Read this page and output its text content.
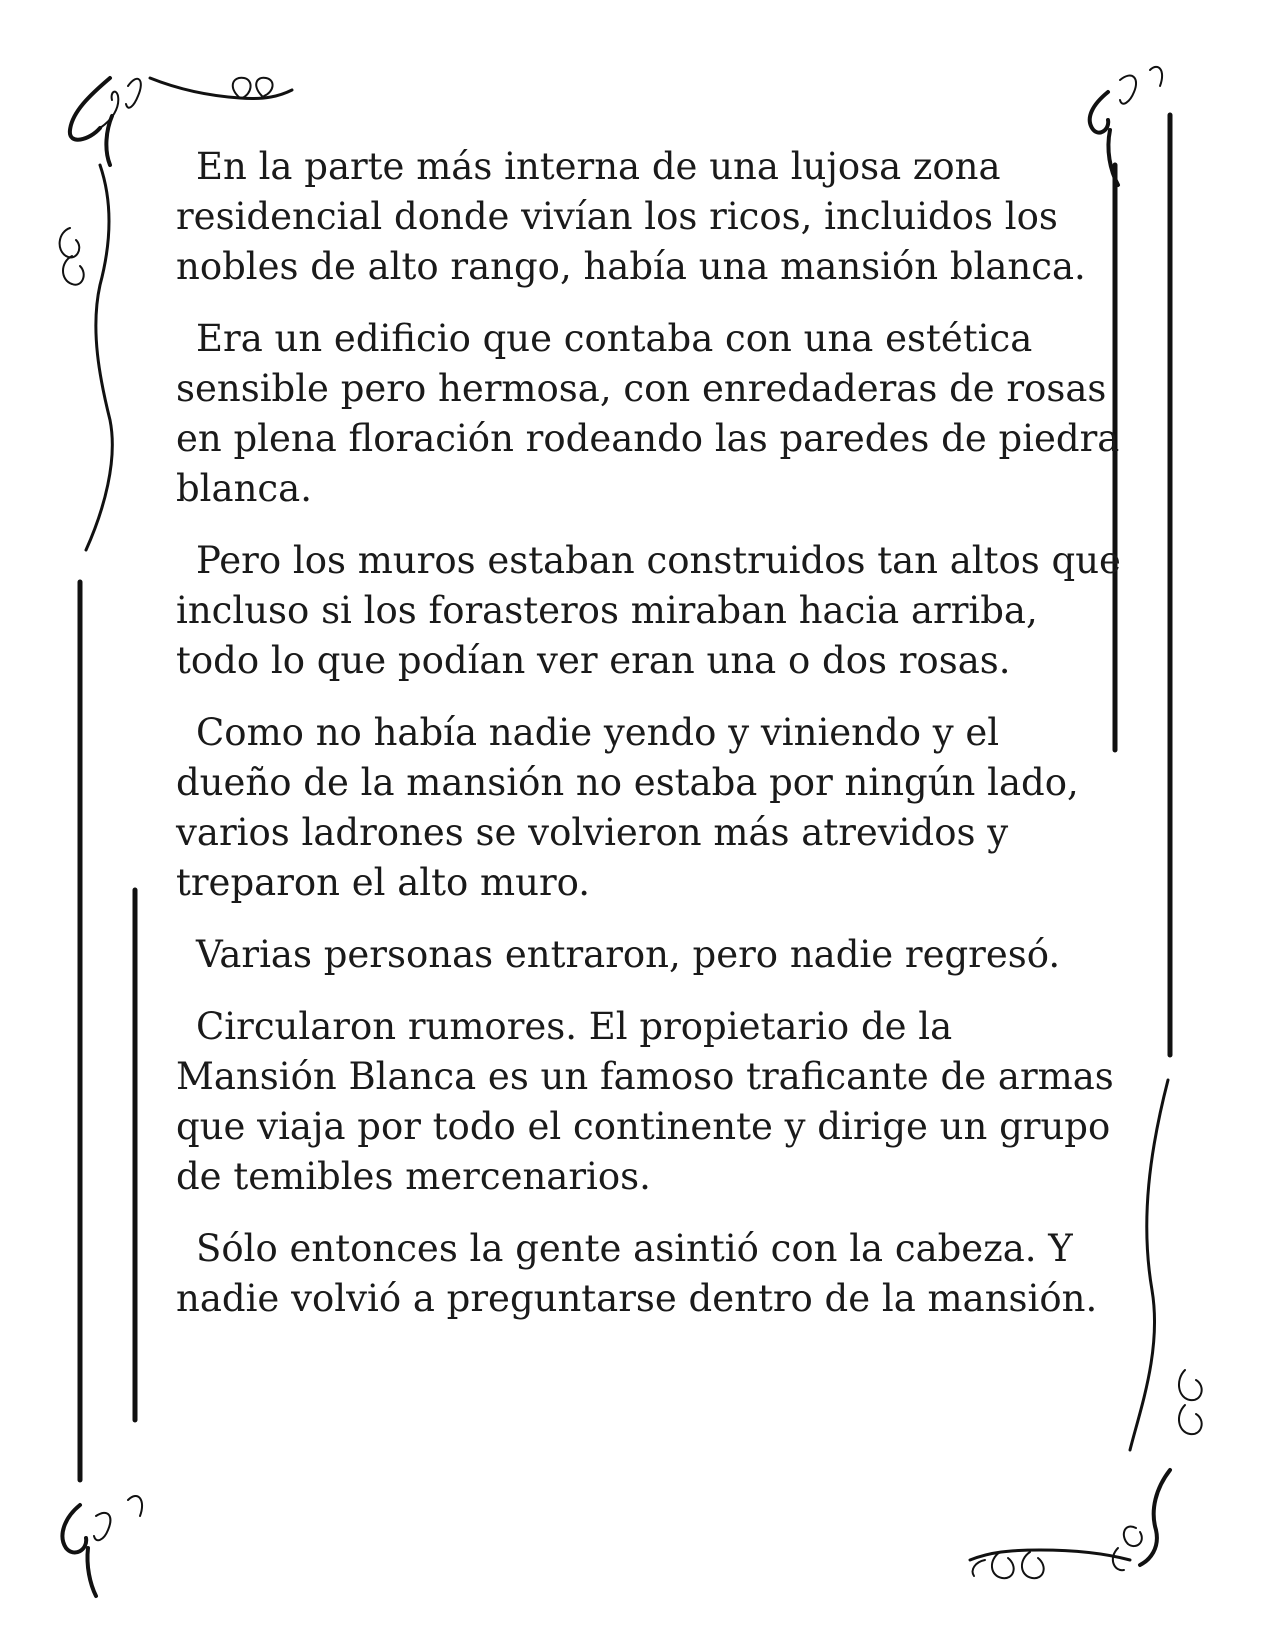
En la parte más interna de una lujosa zona residencial donde vivían los ricos, incluidos los nobles de alto rango, había una mansión blanca.

Era un edificio que contaba con una estética sensible pero hermosa, con enredaderas de rosas en plena floración rodeando las paredes de piedra blanca.

Pero los muros estaban construidos tan altos que incluso si los forasteros miraban hacia arriba, todo lo que podían ver eran una o dos rosas.

Como no había nadie yendo y viniendo y el dueño de la mansión no estaba por ningún lado, varios ladrones se volvieron más atrevidos y treparon el alto muro.

Varias personas entraron, pero nadie regresó.

Circularon rumores. El propietario de la Mansión Blanca es un famoso traficante de armas que viaja por todo el continente y dirige un grupo de temibles mercenarios.

Sólo entonces la gente asintió con la cabeza. Y nadie volvió a preguntarse dentro de la mansión.
